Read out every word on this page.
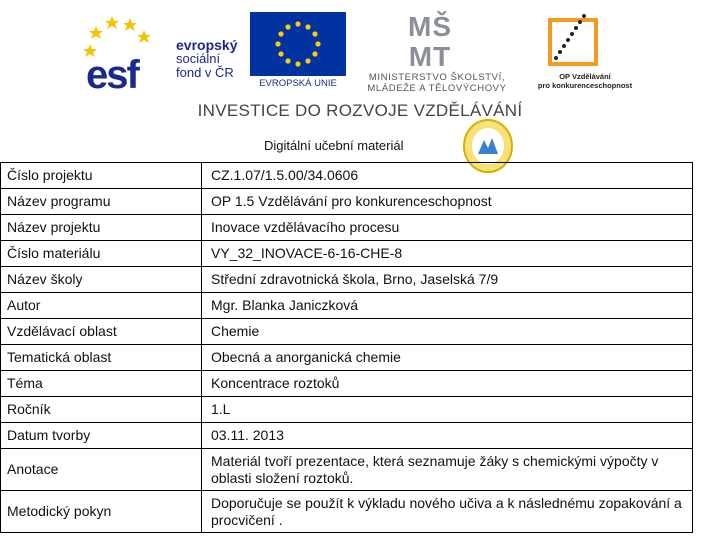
esf
evropský
sociální
fond v ČR
EVROPSKÁ UNIE
MŠ
MT
MINISTERSTVO ŠKOLSTVÍ,
MLÁDEŽE A TĚLOVÝCHOVY
OP Vzdělávání
pro konkurenceschopnost
INVESTICE DO ROZVOJE VZDĚLÁVÁNÍ
Digitální učební materiál
Číslo projektu	CZ.1.07/1.5.00/34.0606
Název programu	OP 1.5 Vzdělávání pro konkurenceschopnost
Název projektu	Inovace vzdělávacího procesu
Číslo materiálu	VY_32_INOVACE-6-16-CHE-8
Název školy	Střední zdravotnická škola, Brno, Jaselská 7/9
Autor	Mgr. Blanka Janiczková
Vzdělávací oblast	Chemie
Tematická oblast	Obecná a anorganická chemie
Téma	Koncentrace roztoků
Ročník	1.L
Datum tvorby	03.11. 2013
Anotace	Materiál tvoří prezentace, která seznamuje žáky s chemickými výpočty v oblasti složení roztoků.
Metodický pokyn	Doporučuje se použít k výkladu nového učiva a k následnému zopakování a procvičení .
